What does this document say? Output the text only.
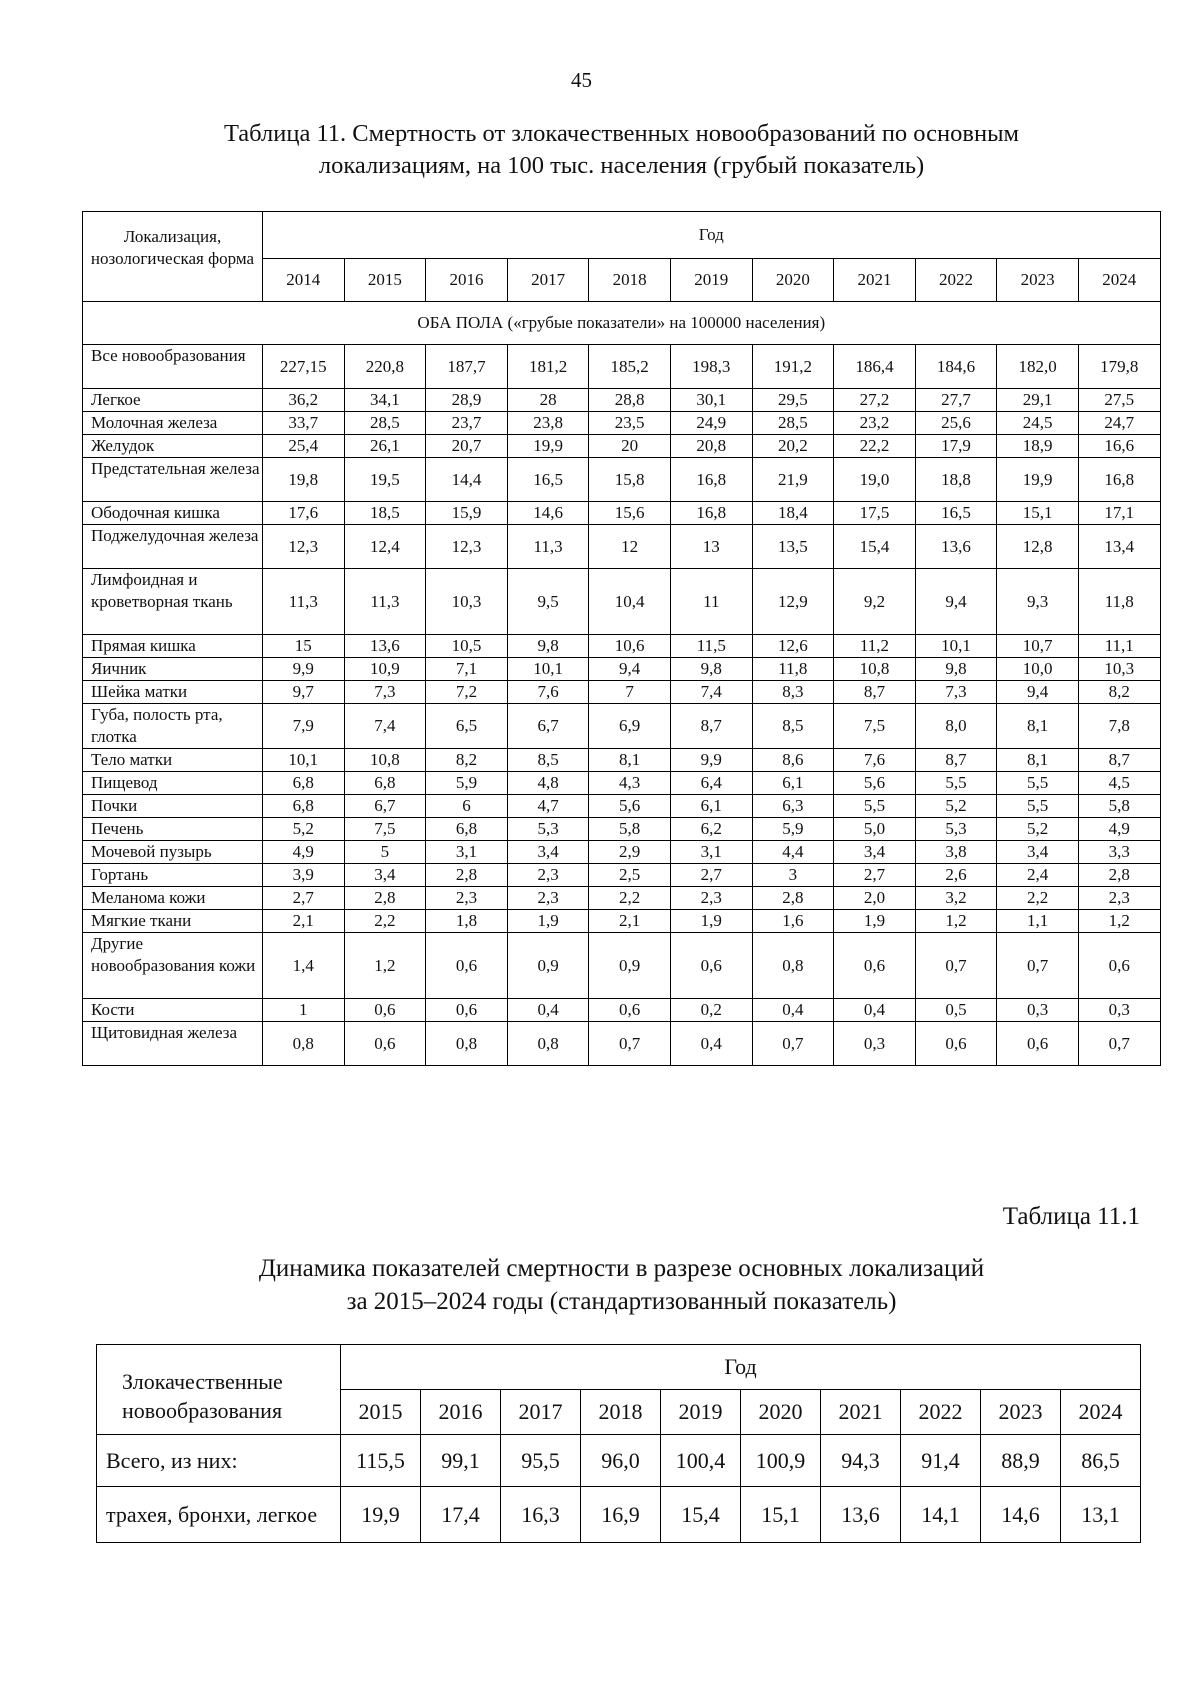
45
Таблица 11. Смертность от злокачественных новообразований по основным
локализациям, на 100 тыс. населения (грубый показатель)
Локализация, нозологическая форма	Год										
	2014	2015	2016	2017	2018	2019	2020	2021	2022	2023	2024
ОБА ПОЛА («грубые показатели» на 100000 населения)											
Все новообразования	227,15	220,8	187,7	181,2	185,2	198,3	191,2	186,4	184,6	182,0	179,8
Легкое	36,2	34,1	28,9	28	28,8	30,1	29,5	27,2	27,7	29,1	27,5
Молочная железа	33,7	28,5	23,7	23,8	23,5	24,9	28,5	23,2	25,6	24,5	24,7
Желудок	25,4	26,1	20,7	19,9	20	20,8	20,2	22,2	17,9	18,9	16,6
Предстательная железа	19,8	19,5	14,4	16,5	15,8	16,8	21,9	19,0	18,8	19,9	16,8
Ободочная кишка	17,6	18,5	15,9	14,6	15,6	16,8	18,4	17,5	16,5	15,1	17,1
Поджелудочная железа	12,3	12,4	12,3	11,3	12	13	13,5	15,4	13,6	12,8	13,4
Лимфоидная и кроветворная ткань	11,3	11,3	10,3	9,5	10,4	11	12,9	9,2	9,4	9,3	11,8
Прямая кишка	15	13,6	10,5	9,8	10,6	11,5	12,6	11,2	10,1	10,7	11,1
Яичник	9,9	10,9	7,1	10,1	9,4	9,8	11,8	10,8	9,8	10,0	10,3
Шейка матки	9,7	7,3	7,2	7,6	7	7,4	8,3	8,7	7,3	9,4	8,2
Губа, полость рта, глотка	7,9	7,4	6,5	6,7	6,9	8,7	8,5	7,5	8,0	8,1	7,8
Тело матки	10,1	10,8	8,2	8,5	8,1	9,9	8,6	7,6	8,7	8,1	8,7
Пищевод	6,8	6,8	5,9	4,8	4,3	6,4	6,1	5,6	5,5	5,5	4,5
Почки	6,8	6,7	6	4,7	5,6	6,1	6,3	5,5	5,2	5,5	5,8
Печень	5,2	7,5	6,8	5,3	5,8	6,2	5,9	5,0	5,3	5,2	4,9
Мочевой пузырь	4,9	5	3,1	3,4	2,9	3,1	4,4	3,4	3,8	3,4	3,3
Гортань	3,9	3,4	2,8	2,3	2,5	2,7	3	2,7	2,6	2,4	2,8
Меланома кожи	2,7	2,8	2,3	2,3	2,2	2,3	2,8	2,0	3,2	2,2	2,3
Мягкие ткани	2,1	2,2	1,8	1,9	2,1	1,9	1,6	1,9	1,2	1,1	1,2
Другие новообразования кожи	1,4	1,2	0,6	0,9	0,9	0,6	0,8	0,6	0,7	0,7	0,6
Кости	1	0,6	0,6	0,4	0,6	0,2	0,4	0,4	0,5	0,3	0,3
Щитовидная железа	0,8	0,6	0,8	0,8	0,7	0,4	0,7	0,3	0,6	0,6	0,7
Таблица 11.1
Динамика показателей смертности в разрезе основных локализаций
за 2015–2024 годы (стандартизованный показатель)
Злокачественные новообразования	Год									
	2015	2016	2017	2018	2019	2020	2021	2022	2023	2024
Всего, из них:	115,5	99,1	95,5	96,0	100,4	100,9	94,3	91,4	88,9	86,5
трахея, бронхи, легкое	19,9	17,4	16,3	16,9	15,4	15,1	13,6	14,1	14,6	13,1
